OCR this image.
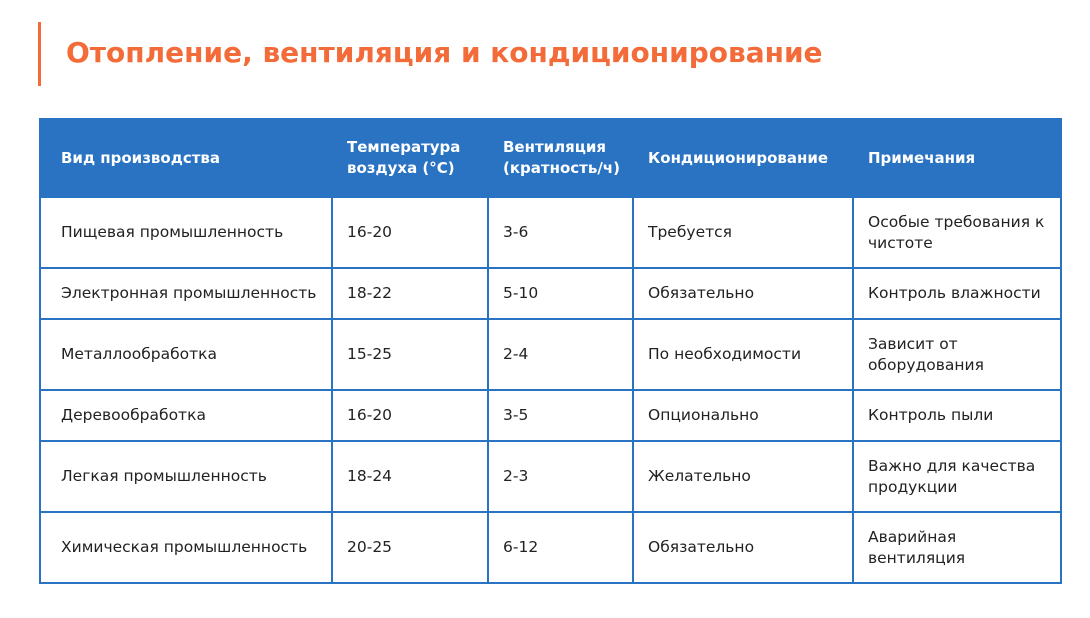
Отопление, вентиляция и кондиционирование
Вид производства	Температура воздуха (°C)	Вентиляция (кратность/ч)	Кондиционирование	Примечания
Пищевая промышленность	16-20	3-6	Требуется	Особые требования к чистоте
Электронная промышленность	18-22	5-10	Обязательно	Контроль влажности
Металлообработка	15-25	2-4	По необходимости	Зависит от оборудования
Деревообработка	16-20	3-5	Опционально	Контроль пыли
Легкая промышленность	18-24	2-3	Желательно	Важно для качества продукции
Химическая промышленность	20-25	6-12	Обязательно	Аварийная вентиляция
